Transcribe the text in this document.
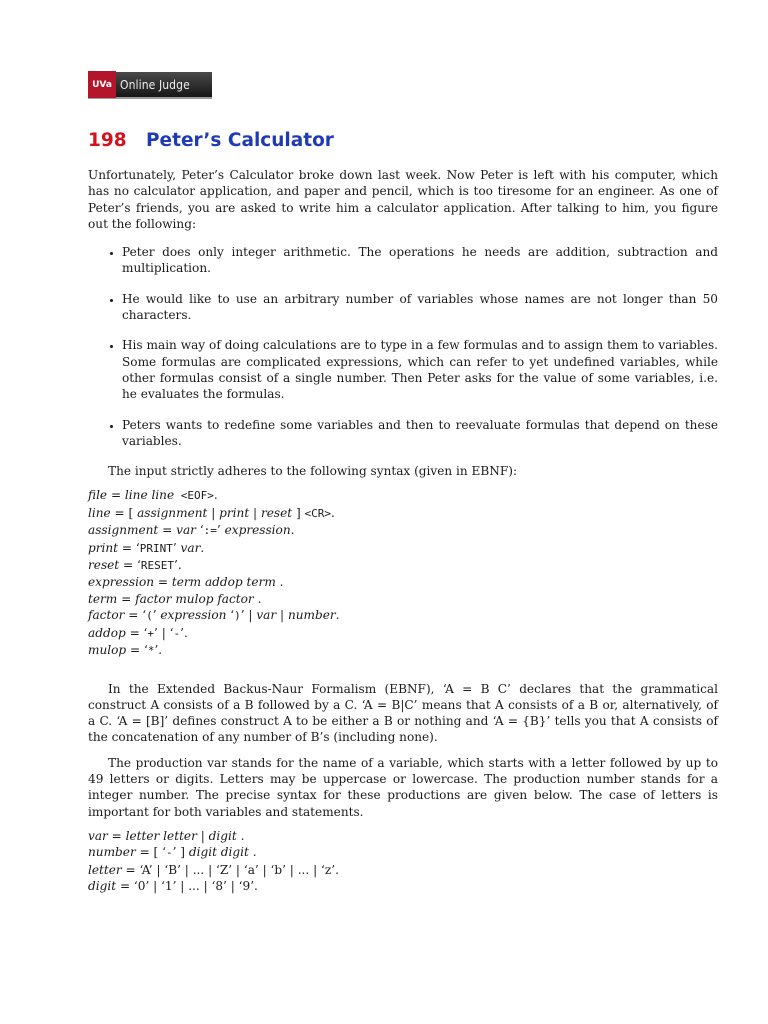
UVa Online Judge
198	Peter’s Calculator

Unfortunately, Peter’s Calculator broke down last week. Now Peter is left with his computer, which has no calculator application, and paper and pencil, which is too tiresome for an engineer. As one of Peter’s friends, you are asked to write him a calculator application. After talking to him, you figure out the following:

• Peter does only integer arithmetic. The operations he needs are addition, subtraction and multiplication.
• He would like to use an arbitrary number of variables whose names are not longer than 50 characters.
• His main way of doing calculations are to type in a few formulas and to assign them to variables. Some formulas are complicated expressions, which can refer to yet undefined variables, while other formulas consist of a single number. Then Peter asks for the value of some variables, i.e. he evaluates the formulas.
• Peters wants to redefine some variables and then to reevaluate formulas that depend on these variables.

The input strictly adheres to the following syntax (given in EBNF):

file = line line <EOF>.
line = [ assignment | print | reset ] <CR>.
assignment = var ‘:=’ expression.
print = ‘PRINT’ var.
reset = ‘RESET’.
expression = term addop term .
term = factor mulop factor .
factor = ‘(’ expression ‘)’ | var | number.
addop = ‘+’ | ‘-’.
mulop = ‘*’.

In the Extended Backus-Naur Formalism (EBNF), ‘A = B C’ declares that the grammatical construct A consists of a B followed by a C. ‘A = B|C’ means that A consists of a B or, alternatively, of a C. ‘A = [B]’ defines construct A to be either a B or nothing and ‘A = {B}’ tells you that A consists of the concatenation of any number of B’s (including none).

The production var stands for the name of a variable, which starts with a letter followed by up to 49 letters or digits. Letters may be uppercase or lowercase. The production number stands for a integer number. The precise syntax for these productions are given below. The case of letters is important for both variables and statements.

var = letter letter | digit .
number = [ ‘-’ ] digit digit .
letter = ‘A’ | ‘B’ | ... | ‘Z’ | ‘a’ | ‘b’ | ... | ‘z’.
digit = ‘0’ | ‘1’ | ... | ‘8’ | ‘9’.
